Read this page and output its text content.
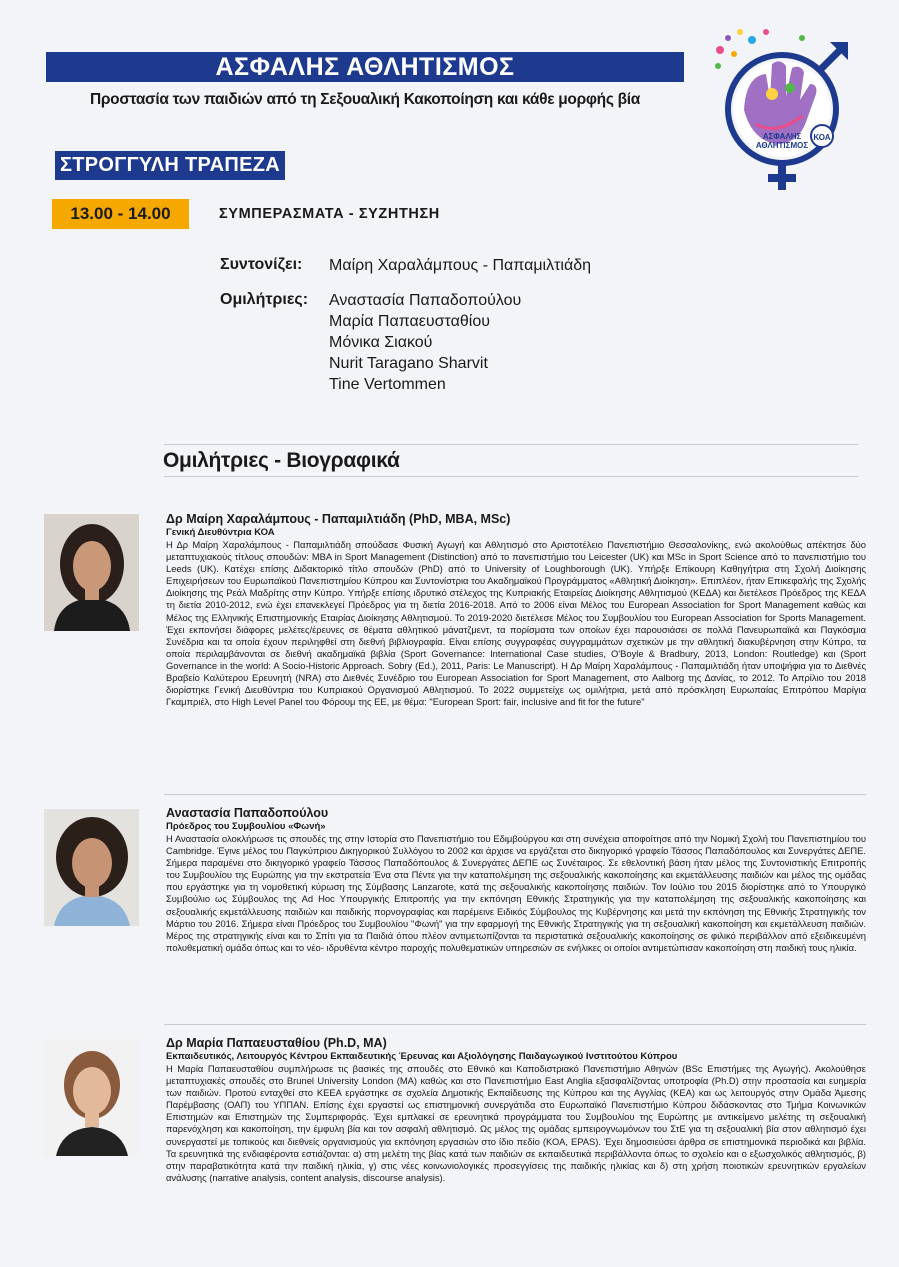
ΑΣΦΑΛΗΣ ΑΘΛΗΤΙΣΜΟΣ
Προστασία των παιδιών από τη Σεξουαλική Κακοποίηση και κάθε μορφής βία
ΚΟΑ
ΑΣΦΑΛΗΣ ΑΘΛΗΤΙΣΜΟΣ
ΣΤΡΟΓΓΥΛΗ ΤΡΑΠΕΖΑ
13.00 - 14.00	ΣΥΜΠΕΡΑΣΜΑΤΑ - ΣΥΖΗΤΗΣΗ
Συντονίζει: Μαίρη Χαραλάμπους - Παπαμιλτιάδη
Ομιλήτριες: Αναστασία Παπαδοπούλου
Μαρία Παπαευσταθίου
Μόνικα Σιακού
Nurit Taragano Sharvit
Tine Vertommen
Ομιλήτριες - Βιογραφικά
Δρ Μαίρη Χαραλάμπους - Παπαμιλτιάδη (PhD, MBA, MSc)
Γενική Διευθύντρια ΚΟΑ
Η Δρ Μαίρη Χαραλάμπους - Παπαμιλτιάδη σπούδασε Φυσική Αγωγή και Αθλητισμό στο Αριστοτέλειο Πανεπιστήμιο Θεσσαλονίκης, ενώ ακολούθως απέκτησε δύο μεταπτυχιακούς τίτλους σπουδών: MBA in Sport Management (Distinction) από το πανεπιστήμιο του Leicester (UK) και MSc in Sport Science από το πανεπιστήμιο του Leeds (UK). Κατέχει επίσης Διδακτορικό τίτλο σπουδών (PhD) από το University of Loughborough (UK). Υπήρξε Επίκουρη Καθηγήτρια στη Σχολή Διοίκησης Επιχειρήσεων του Ευρωπαϊκού Πανεπιστημίου Κύπρου και Συντονίστρια του Ακαδημαϊκού Προγράμματος «Αθλητική Διοίκηση». Επιπλέον, ήταν Επικεφαλής της Σχολής Διοίκησης της Ρεάλ Μαδρίτης στην Κύπρο. Υπήρξε επίσης ιδρυτικό στέλεχος της Κυπριακής Εταιρείας Διοίκησης Αθλητισμού (ΚΕΔΑ) και διετέλεσε Πρόεδρος της ΚΕΔΑ τη διετία 2010-2012, ενώ έχει επανεκλεγεί Πρόεδρος για τη διετία 2016-2018. Από το 2006 είναι Μέλος του European Association for Sport Management καθώς και Μέλος της Ελληνικής Επιστημονικής Εταιρίας Διοίκησης Αθλητισμού. Το 2019-2020 διετέλεσε Μέλος του Συμβουλίου του European Association for Sports Management. Έχει εκπονήσει διάφορες μελέτες/έρευνες σε θέματα αθλητικού μάνατζμεντ, τα πορίσματα των οποίων έχει παρουσιάσει σε πολλά Πανευρωπαϊκά και Παγκόσμια Συνέδρια και τα οποία έχουν περιληφθεί στη διεθνή βιβλιογραφία. Είναι επίσης συγγραφέας συγγραμμάτων σχετικών με την αθλητική διακυβέρνηση στην Κύπρο, τα οποία περιλαμβάνονται σε διεθνή ακαδημαϊκά βιβλία (Sport Governance: International Case studies, O'Boyle & Bradbury, 2013, London: Routledge) και (Sport Governance in the world: A Socio-Historic Approach. Sobry (Ed.), 2011, Paris: Le Manuscript). Η Δρ Μαίρη Χαραλάμπους - Παπαμιλτιάδη ήταν υποψήφια για το Διεθνές Βραβείο Καλύτερου Ερευνητή (NRA) στο Διεθνές Συνέδριο του European Association for Sport Management, στο Aalborg της Δανίας, το 2012. Το Απρίλιο του 2018 διορίστηκε Γενική Διευθύντρια του Κυπριακού Οργανισμού Αθλητισμού. Το 2022 συμμετείχε ως ομιλήτρια, μετά από πρόσκληση Ευρωπαίας Επιτρόπου Μαρίγια Γκαμπριέλ, στο High Level Panel του Φόρουμ της ΕΕ, με θέμα: "European Sport: fair, inclusive and fit for the future"
Αναστασία Παπαδοπούλου
Πρόεδρος του Συμβουλίου «Φωνή»
Η Αναστασία ολοκλήρωσε τις σπουδές της στην Ιστορία στο Πανεπιστήμιο του Εδιμβούργου και στη συνέχεια αποφοίτησε από την Νομική Σχολή του Πανεπιστημίου του Cambridge. Έγινε μέλος του Παγκύπριου Δικηγορικού Συλλόγου το 2002 και άρχισε να εργάζεται στο δικηγορικό γραφείο Τάσσος Παπαδόπουλος και Συνεργάτες ΔΕΠΕ. Σήμερα παραμένει στο δικηγορικό γραφείο Τάσσος Παπαδόπουλος & Συνεργάτες ΔΕΠΕ ως Συνέταιρος. Σε εθελοντική βάση ήταν μέλος της Συντονιστικής Επιτροπής του Συμβουλίου της Ευρώπης για την εκστρατεία Ένα στα Πέντε για την καταπολέμηση της σεξουαλικής κακοποίησης και εκμετάλλευσης παιδιών και μέλος της ομάδας που εργάστηκε για τη νομοθετική κύρωση της Σύμβασης Lanzarote, κατά της σεξουαλικής κακοποίησης παιδιών. Τον Ιούλιο του 2015 διορίστηκε από το Υπουργικό Συμβούλιο ως Σύμβουλος της Ad Hoc Υπουργικής Επιτροπής για την εκπόνηση Εθνικής Στρατηγικής για την καταπολέμηση της σεξουαλικής κακοποίησης και σεξουαλικής εκμετάλλευσης παιδιών και παιδικής πορνογραφίας και παρέμεινε Ειδικός Σύμβουλος της Κυβέρνησης και μετά την εκπόνηση της Εθνικής Στρατηγικής τον Μάρτιο του 2016. Σήμερα είναι Πρόεδρος του Συμβουλίου "Φωνή" για την εφαρμογή της Εθνικής Στρατηγικής για τη σεξουαλική κακοποίηση και εκμετάλλευση παιδιών. Μέρος της στρατηγικής είναι και το Σπίτι για τα Παιδιά όπου πλέον αντιμετωπίζονται τα περιστατικά σεξουαλικής κακοποίησης σε φιλικό περιβάλλον από εξειδικευμένη πολυθεματική ομάδα όπως και το νέο- ιδρυθέντα κέντρο παροχής πολυθεματικών υπηρεσιών σε ενήλικες οι οποίοι αντιμετώπισαν κακοποίηση στη παιδική τους ηλικία.
Δρ Μαρία Παπαευσταθίου (Ph.D, MA)
Εκπαιδευτικός, Λειτουργός Κέντρου Εκπαιδευτικής Έρευνας και Αξιολόγησης Παιδαγωγικού Ινστιτούτου Κύπρου
Η Μαρία Παπαευσταθίου συμπλήρωσε τις βασικές της σπουδές στο Εθνικό και Καποδιστριακό Πανεπιστήμιο Αθηνών (BSc Επιστήμες της Αγωγής). Ακολούθησε μεταπτυχιακές σπουδές στο Brunel University London (MA) καθώς και στο Πανεπιστήμιο East Anglia εξασφαλίζοντας υποτροφία (Ph.D) στην προστασία και ευημερία των παιδιών. Προτού ενταχθεί στο ΚΕΕΑ εργάστηκε σε σχολεία Δημοτικής Εκπαίδευσης της Κύπρου και της Αγγλίας (ΚΕΑ) και ως λειτουργός στην Ομάδα Άμεσης Παρέμβασης (ΟΑΠ) του ΥΠΠΑΝ. Επίσης έχει εργαστεί ως επιστημονική συνεργάτιδα στο Ευρωπαϊκό Πανεπιστήμιο Κύπρου διδάσκοντας στο Τμήμα Κοινωνικών Επιστημών και Επιστημών της Συμπεριφοράς. Έχει εμπλακεί σε ερευνητικά προγράμματα του Συμβουλίου της Ευρώπης με αντικείμενο μελέτης τη σεξουαλική παρενόχληση και κακοποίηση, την έμφυλη βία και τον ασφαλή αθλητισμό. Ως μέλος της ομάδας εμπειρογνωμόνων του ΣτΕ για τη σεξουαλική βία στον αθλητισμό έχει συνεργαστεί με τοπικούς και διεθνείς οργανισμούς για εκπόνηση εργασιών στο ίδιο πεδίο (ΚΟΑ, EPAS). Έχει δημοσιεύσει άρθρα σε επιστημονικά περιοδικά και βιβλία. Τα ερευνητικά της ενδιαφέροντα εστιάζονται: α) στη μελέτη της βίας κατά των παιδιών σε εκπαιδευτικά περιβάλλοντα όπως το σχολείο και ο εξωσχολικός αθλητισμός, β) στην παραβατικότητα κατά την παιδική ηλικία, γ) στις νέες κοινωνιολογικές προσεγγίσεις της παιδικής ηλικίας και δ) στη χρήση ποιοτικών ερευνητικών εργαλείων ανάλυσης (narrative analysis, content analysis, discourse analysis).
